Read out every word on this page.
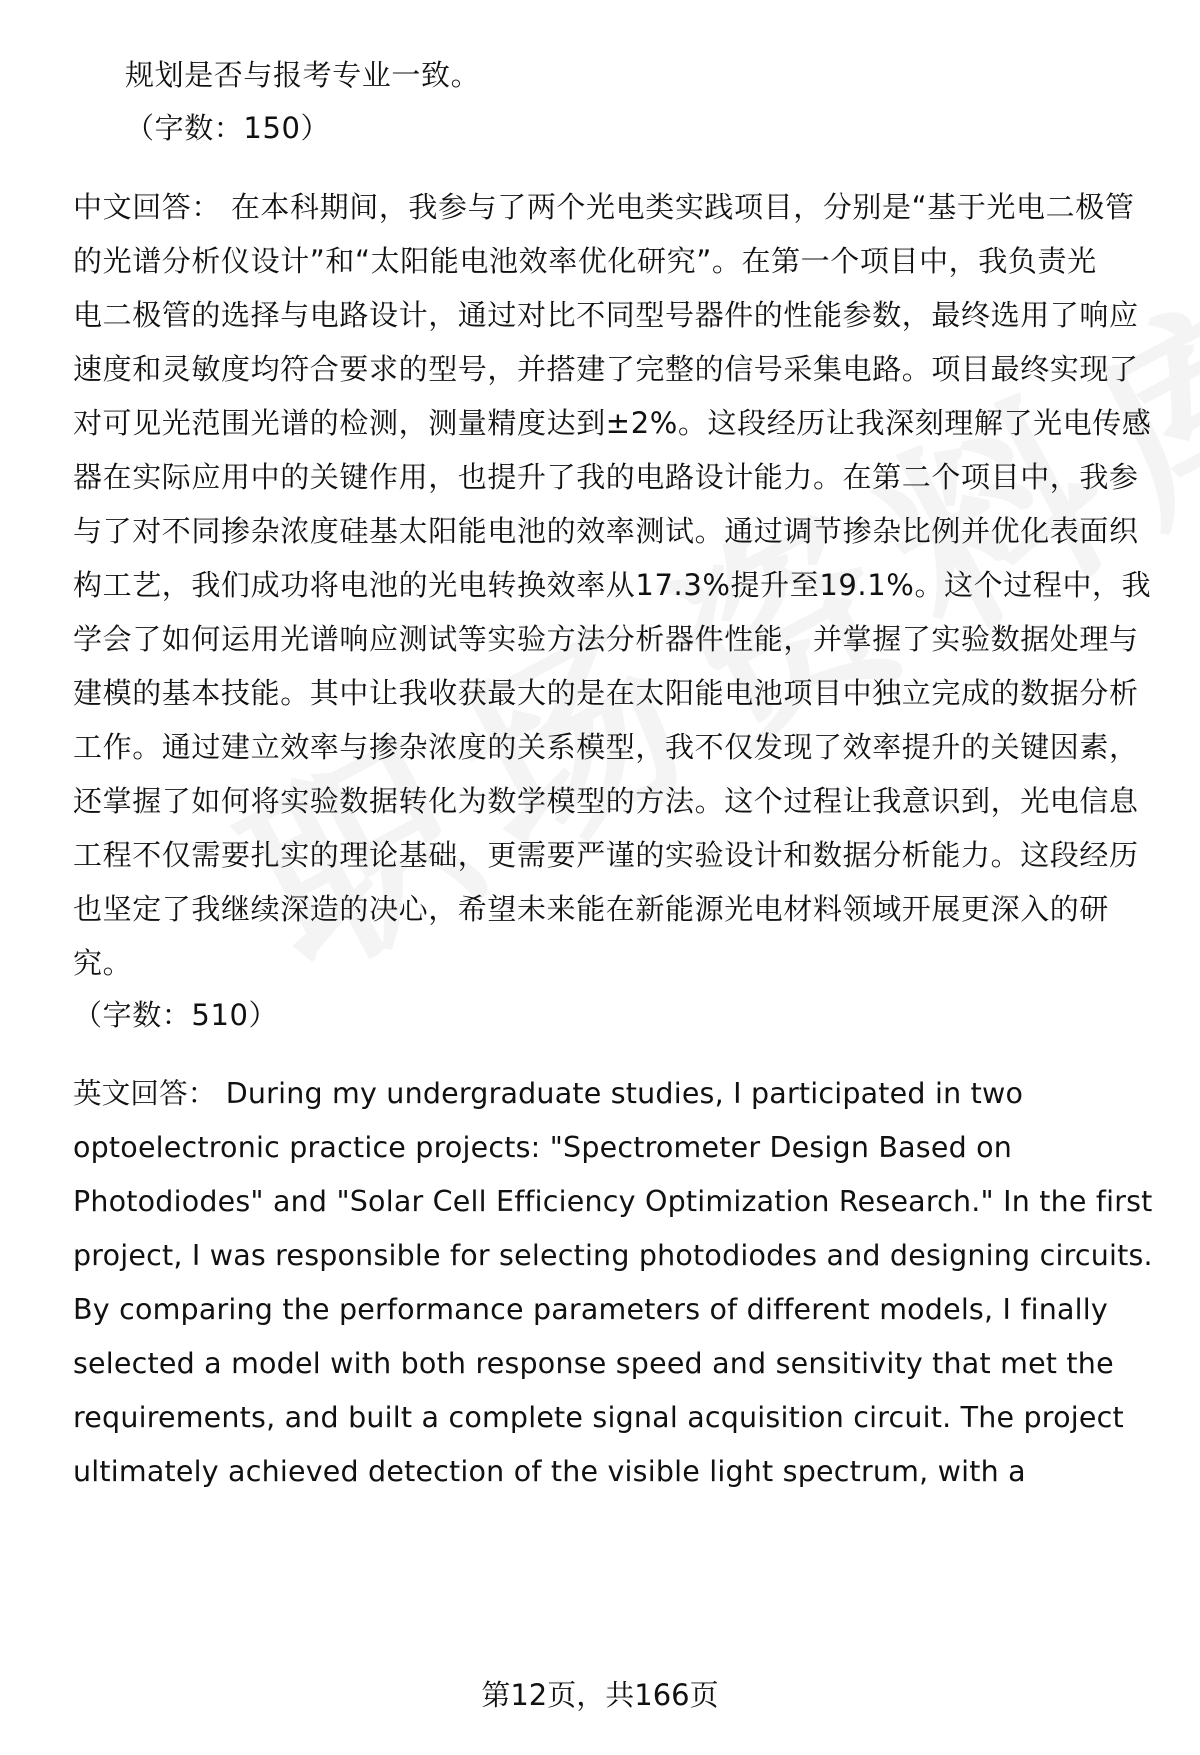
规划是否与报考专业一致。
（字数：150）
中文回答： 在本科期间，我参与了两个光电类实践项目，分别是“基于光电二极管
的光谱分析仪设计”和“太阳能电池效率优化研究”。在第一个项目中，我负责光
电二极管的选择与电路设计，通过对比不同型号器件的性能参数，最终选用了响应
速度和灵敏度均符合要求的型号，并搭建了完整的信号采集电路。项目最终实现了
对可见光范围光谱的检测，测量精度达到±2%。这段经历让我深刻理解了光电传感
器在实际应用中的关键作用，也提升了我的电路设计能力。在第二个项目中，我参
与了对不同掺杂浓度硅基太阳能电池的效率测试。通过调节掺杂比例并优化表面织
构工艺，我们成功将电池的光电转换效率从17.3%提升至19.1%。这个过程中，我
学会了如何运用光谱响应测试等实验方法分析器件性能，并掌握了实验数据处理与
建模的基本技能。其中让我收获最大的是在太阳能电池项目中独立完成的数据分析
工作。通过建立效率与掺杂浓度的关系模型，我不仅发现了效率提升的关键因素，
还掌握了如何将实验数据转化为数学模型的方法。这个过程让我意识到，光电信息
工程不仅需要扎实的理论基础，更需要严谨的实验设计和数据分析能力。这段经历
也坚定了我继续深造的决心，希望未来能在新能源光电材料领域开展更深入的研
究。
（字数：510）
英文回答： During my undergraduate studies, I participated in two
optoelectronic practice projects: "Spectrometer Design Based on
Photodiodes" and "Solar Cell Efficiency Optimization Research." In the first
project, I was responsible for selecting photodiodes and designing circuits.
By comparing the performance parameters of different models, I finally
selected a model with both response speed and sensitivity that met the
requirements, and built a complete signal acquisition circuit. The project
ultimately achieved detection of the visible light spectrum, with a
第12页，共166页
